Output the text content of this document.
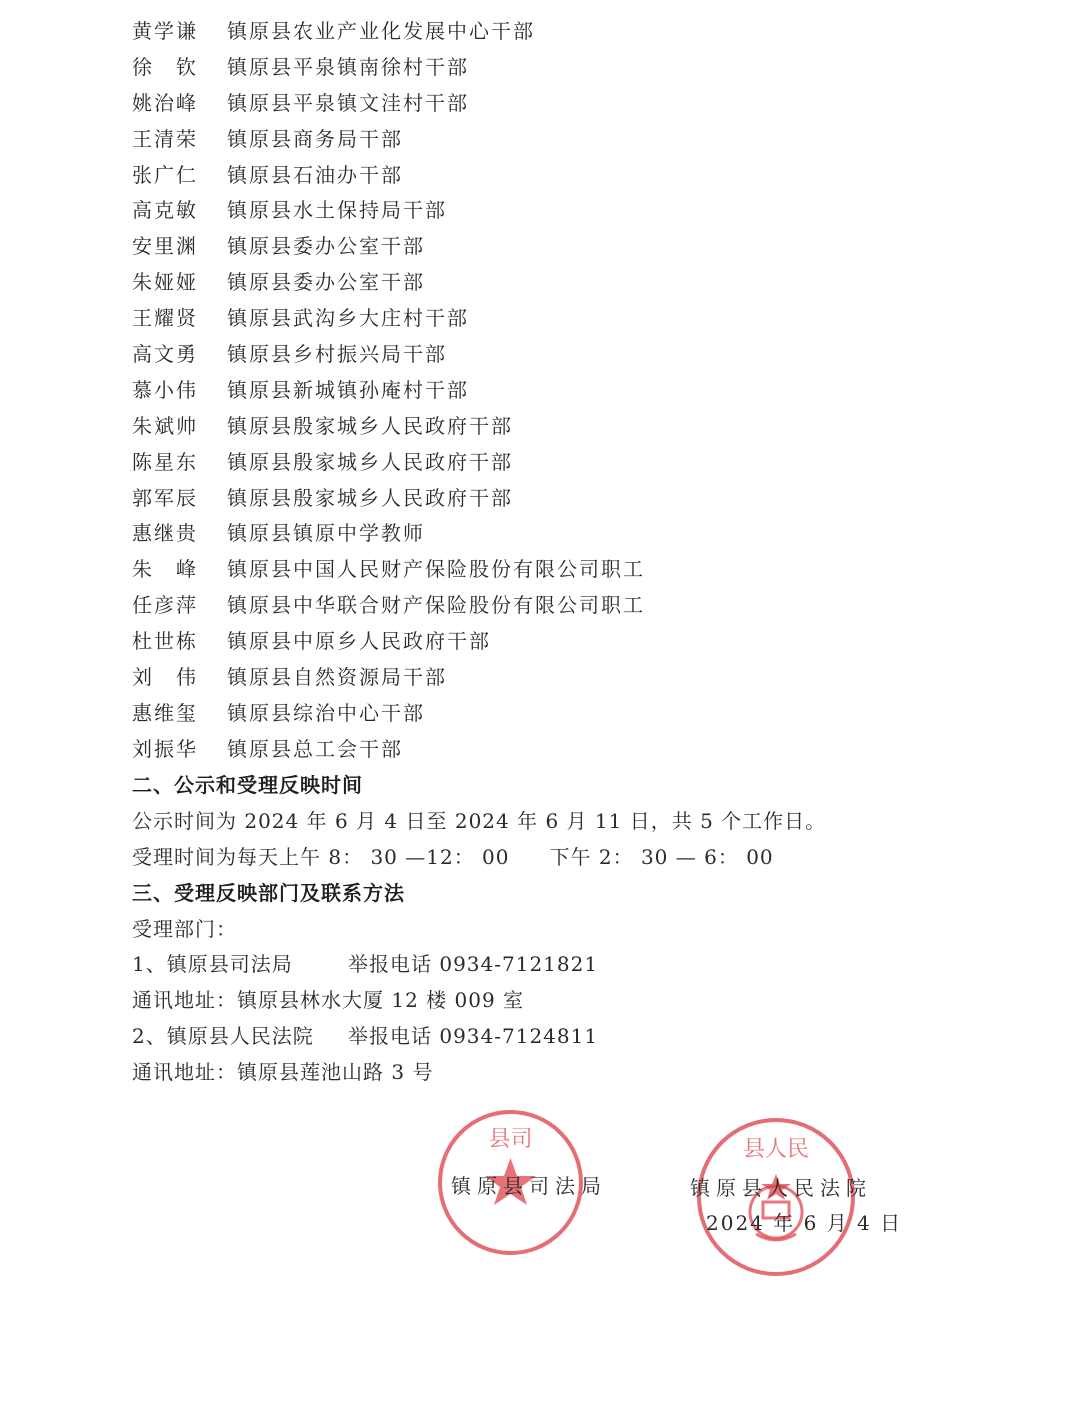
黄学谦 镇原县农业产业化发展中心干部
徐　钦 镇原县平泉镇南徐村干部
姚治峰 镇原县平泉镇文洼村干部
王清荣 镇原县商务局干部
张广仁 镇原县石油办干部
高克敏 镇原县水土保持局干部
安里渊 镇原县委办公室干部
朱娅娅 镇原县委办公室干部
王耀贤 镇原县武沟乡大庄村干部
高文勇 镇原县乡村振兴局干部
慕小伟 镇原县新城镇孙庵村干部
朱斌帅 镇原县殷家城乡人民政府干部
陈星东 镇原县殷家城乡人民政府干部
郭军辰 镇原县殷家城乡人民政府干部
惠继贵 镇原县镇原中学教师
朱　峰 镇原县中国人民财产保险股份有限公司职工
任彦萍 镇原县中华联合财产保险股份有限公司职工
杜世栋 镇原县中原乡人民政府干部
刘　伟 镇原县自然资源局干部
惠维玺 镇原县综治中心干部
刘振华 镇原县总工会干部
二、公示和受理反映时间
公示时间为 2024 年 6 月 4 日至 2024 年 6 月 11 日，共 5 个工作日。
受理时间为每天上午 8： 30 —12： 00 下午 2： 30 — 6： 00
三、受理反映部门及联系方法
受理部门：
1、镇原县司法局	举报电话 0934-7121821
通讯地址：镇原县林水大厦 12 楼 009 室
2、镇原县人民法院 举报电话 0934-7124811
通讯地址：镇原县莲池山路 3 号
县司	县人民
镇原县司法局	镇原县人民法院
2024 年 6 月 4 日
